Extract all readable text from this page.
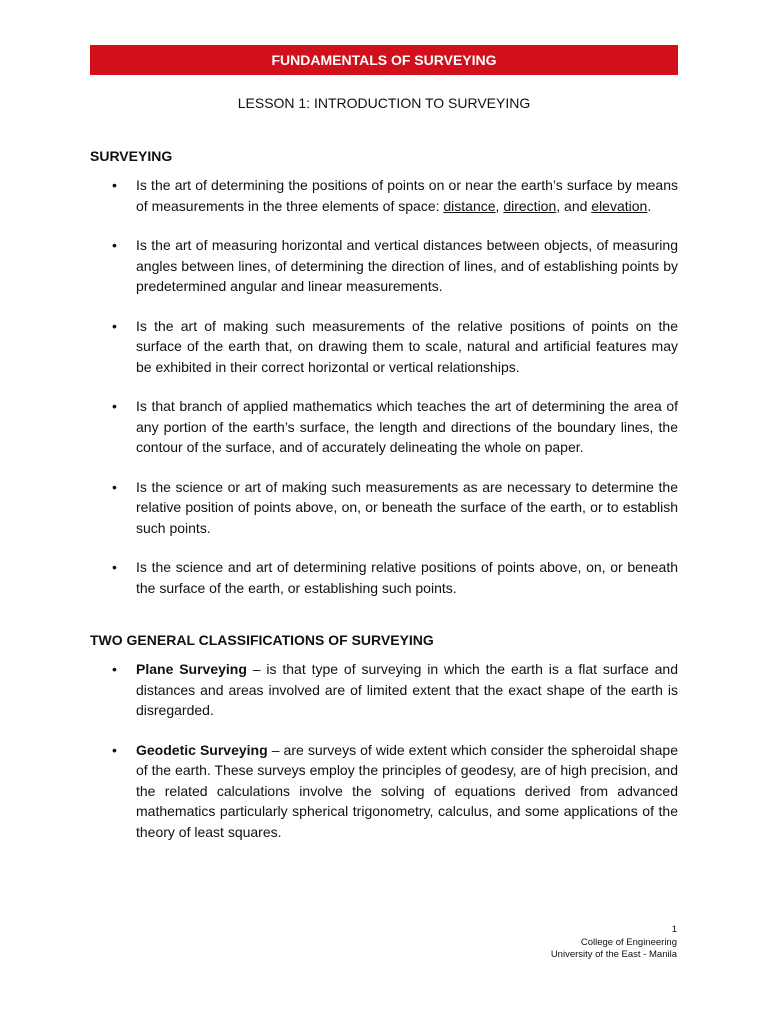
FUNDAMENTALS OF SURVEYING
LESSON 1: INTRODUCTION TO SURVEYING
SURVEYING
• Is the art of determining the positions of points on or near the earth’s surface by means of measurements in the three elements of space: distance, direction, and elevation.
• Is the art of measuring horizontal and vertical distances between objects, of measuring angles between lines, of determining the direction of lines, and of establishing points by predetermined angular and linear measurements.
• Is the art of making such measurements of the relative positions of points on the surface of the earth that, on drawing them to scale, natural and artificial features may be exhibited in their correct horizontal or vertical relationships.
• Is that branch of applied mathematics which teaches the art of determining the area of any portion of the earth’s surface, the length and directions of the boundary lines, the contour of the surface, and of accurately delineating the whole on paper.
• Is the science or art of making such measurements as are necessary to determine the relative position of points above, on, or beneath the surface of the earth, or to establish such points.
• Is the science and art of determining relative positions of points above, on, or beneath the surface of the earth, or establishing such points.
TWO GENERAL CLASSIFICATIONS OF SURVEYING
• Plane Surveying – is that type of surveying in which the earth is a flat surface and distances and areas involved are of limited extent that the exact shape of the earth is disregarded.
• Geodetic Surveying – are surveys of wide extent which consider the spheroidal shape of the earth. These surveys employ the principles of geodesy, are of high precision, and the related calculations involve the solving of equations derived from advanced mathematics particularly spherical trigonometry, calculus, and some applications of the theory of least squares.
1
College of Engineering
University of the East - Manila
